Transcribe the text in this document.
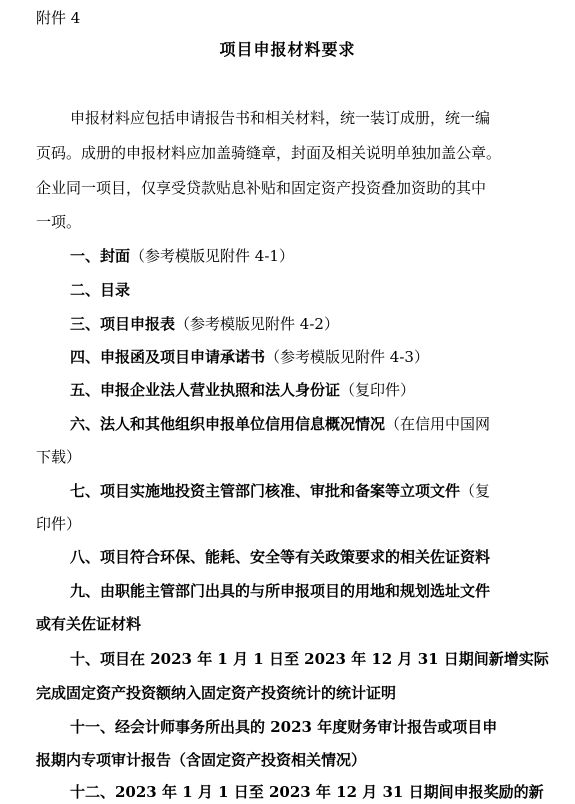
附件 4
项目申报材料要求
申报材料应包括申请报告书和相关材料，统一装订成册，统一编
页码。成册的申报材料应加盖骑缝章，封面及相关说明单独加盖公章。
企业同一项目，仅享受贷款贴息补贴和固定资产投资叠加资助的其中
一项。
一、封面（参考模版见附件 4-1）
二、目录
三、项目申报表（参考模版见附件 4-2）
四、申报函及项目申请承诺书（参考模版见附件 4-3）
五、申报企业法人营业执照和法人身份证（复印件）
六、法人和其他组织申报单位信用信息概况情况（在信用中国网
下载）
七、项目实施地投资主管部门核准、审批和备案等立项文件（复
印件）
八、项目符合环保、能耗、安全等有关政策要求的相关佐证资料
九、由职能主管部门出具的与所申报项目的用地和规划选址文件
或有关佐证材料
十、项目在 2023 年 1 月 1 日至 2023 年 12 月 31 日期间新增实际
完成固定资产投资额纳入固定资产投资统计的统计证明
十一、经会计师事务所出具的 2023 年度财务审计报告或项目申
报期内专项审计报告（含固定资产投资相关情况）
十二、2023 年 1 月 1 日至 2023 年 12 月 31 日期间申报奖励的新
